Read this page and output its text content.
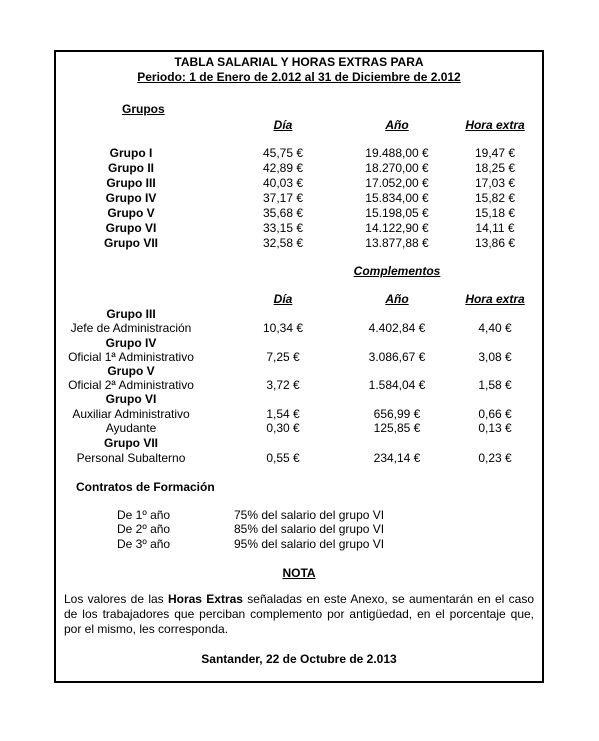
TABLA SALARIAL Y HORAS EXTRAS PARA
Periodo: 1 de Enero de 2.012 al 31 de Diciembre de 2.012
Grupos
Día	Año	Hora extra
Grupo I	45,75 €	19.488,00 €	19,47 €
Grupo II	42,89 €	18.270,00 €	18,25 €
Grupo III	40,03 €	17.052,00 €	17,03 €
Grupo IV	37,17 €	15.834,00 €	15,82 €
Grupo V	35,68 €	15.198,05 €	15,18 €
Grupo VI	33,15 €	14.122,90 €	14,11 €
Grupo VII	32,58 €	13.877,88 €	13,86 €
Complementos
Día	Año	Hora extra
Grupo III
Jefe de Administración	10,34 €	4.402,84 €	4,40 €
Grupo IV
Oficial 1ª Administrativo	7,25 €	3.086,67 €	3,08 €
Grupo V
Oficial 2ª Administrativo	3,72 €	1.584,04 €	1,58 €
Grupo VI
Auxiliar Administrativo	1,54 €	656,99 €	0,66 €
Ayudante	0,30 €	125,85 €	0,13 €
Grupo VII
Personal Subalterno	0,55 €	234,14 €	0,23 €
Contratos de Formación
De 1º año	75% del salario del grupo VI
De 2º año	85% del salario del grupo VI
De 3º año	95% del salario del grupo VI
NOTA
Los valores de las Horas Extras señaladas en este Anexo, se aumentarán en el caso de los trabajadores que perciban complemento por antigüedad, en el porcentaje que, por el mismo, les corresponda.
Santander, 22 de Octubre de 2.013
